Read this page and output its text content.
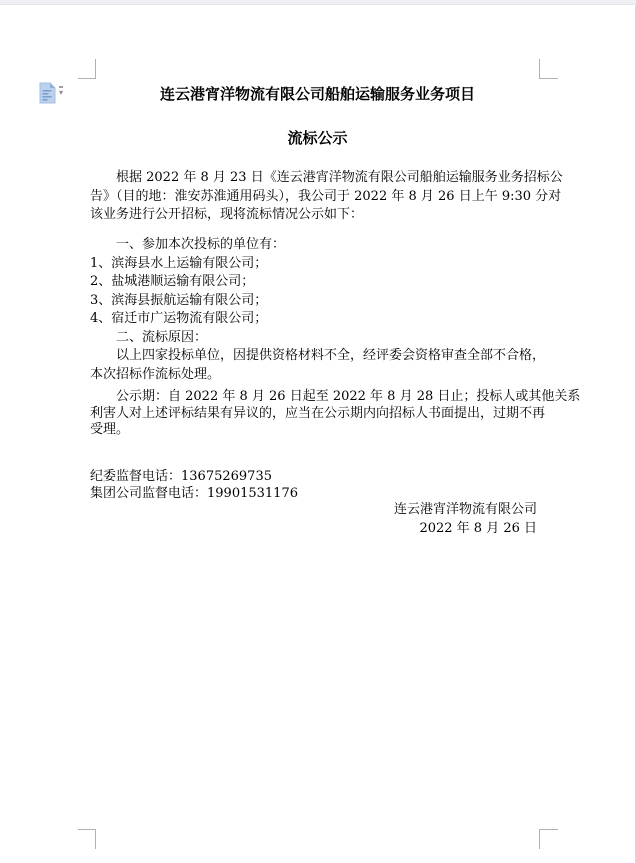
▾	连云港宵洋物流有限公司船舶运输服务业务项目
流标公示
　　根据 2022 年 8 月 23 日《连云港宵洋物流有限公司船舶运输服务业务招标公
告》（目的地：淮安苏淮通用码头），我公司于 2022 年 8 月 26 日上午 9:30 分对
该业务进行公开招标，现将流标情况公示如下：
　　一、参加本次投标的单位有：
1、滨海县水上运输有限公司；
2、盐城港顺运输有限公司；
3、滨海县振航运输有限公司；
4、宿迁市广运物流有限公司；
　　二、流标原因：
　　以上四家投标单位，因提供资格材料不全，经评委会资格审查全部不合格，
本次招标作流标处理。
　　公示期：自 2022 年 8 月 26 日起至 2022 年 8 月 28 日止；投标人或其他关系
利害人对上述评标结果有异议的，应当在公示期内向招标人书面提出，过期不再
受理。
纪委监督电话：13675269735
集团公司监督电话：19901531176
连云港宵洋物流有限公司
2022 年 8 月 26 日
